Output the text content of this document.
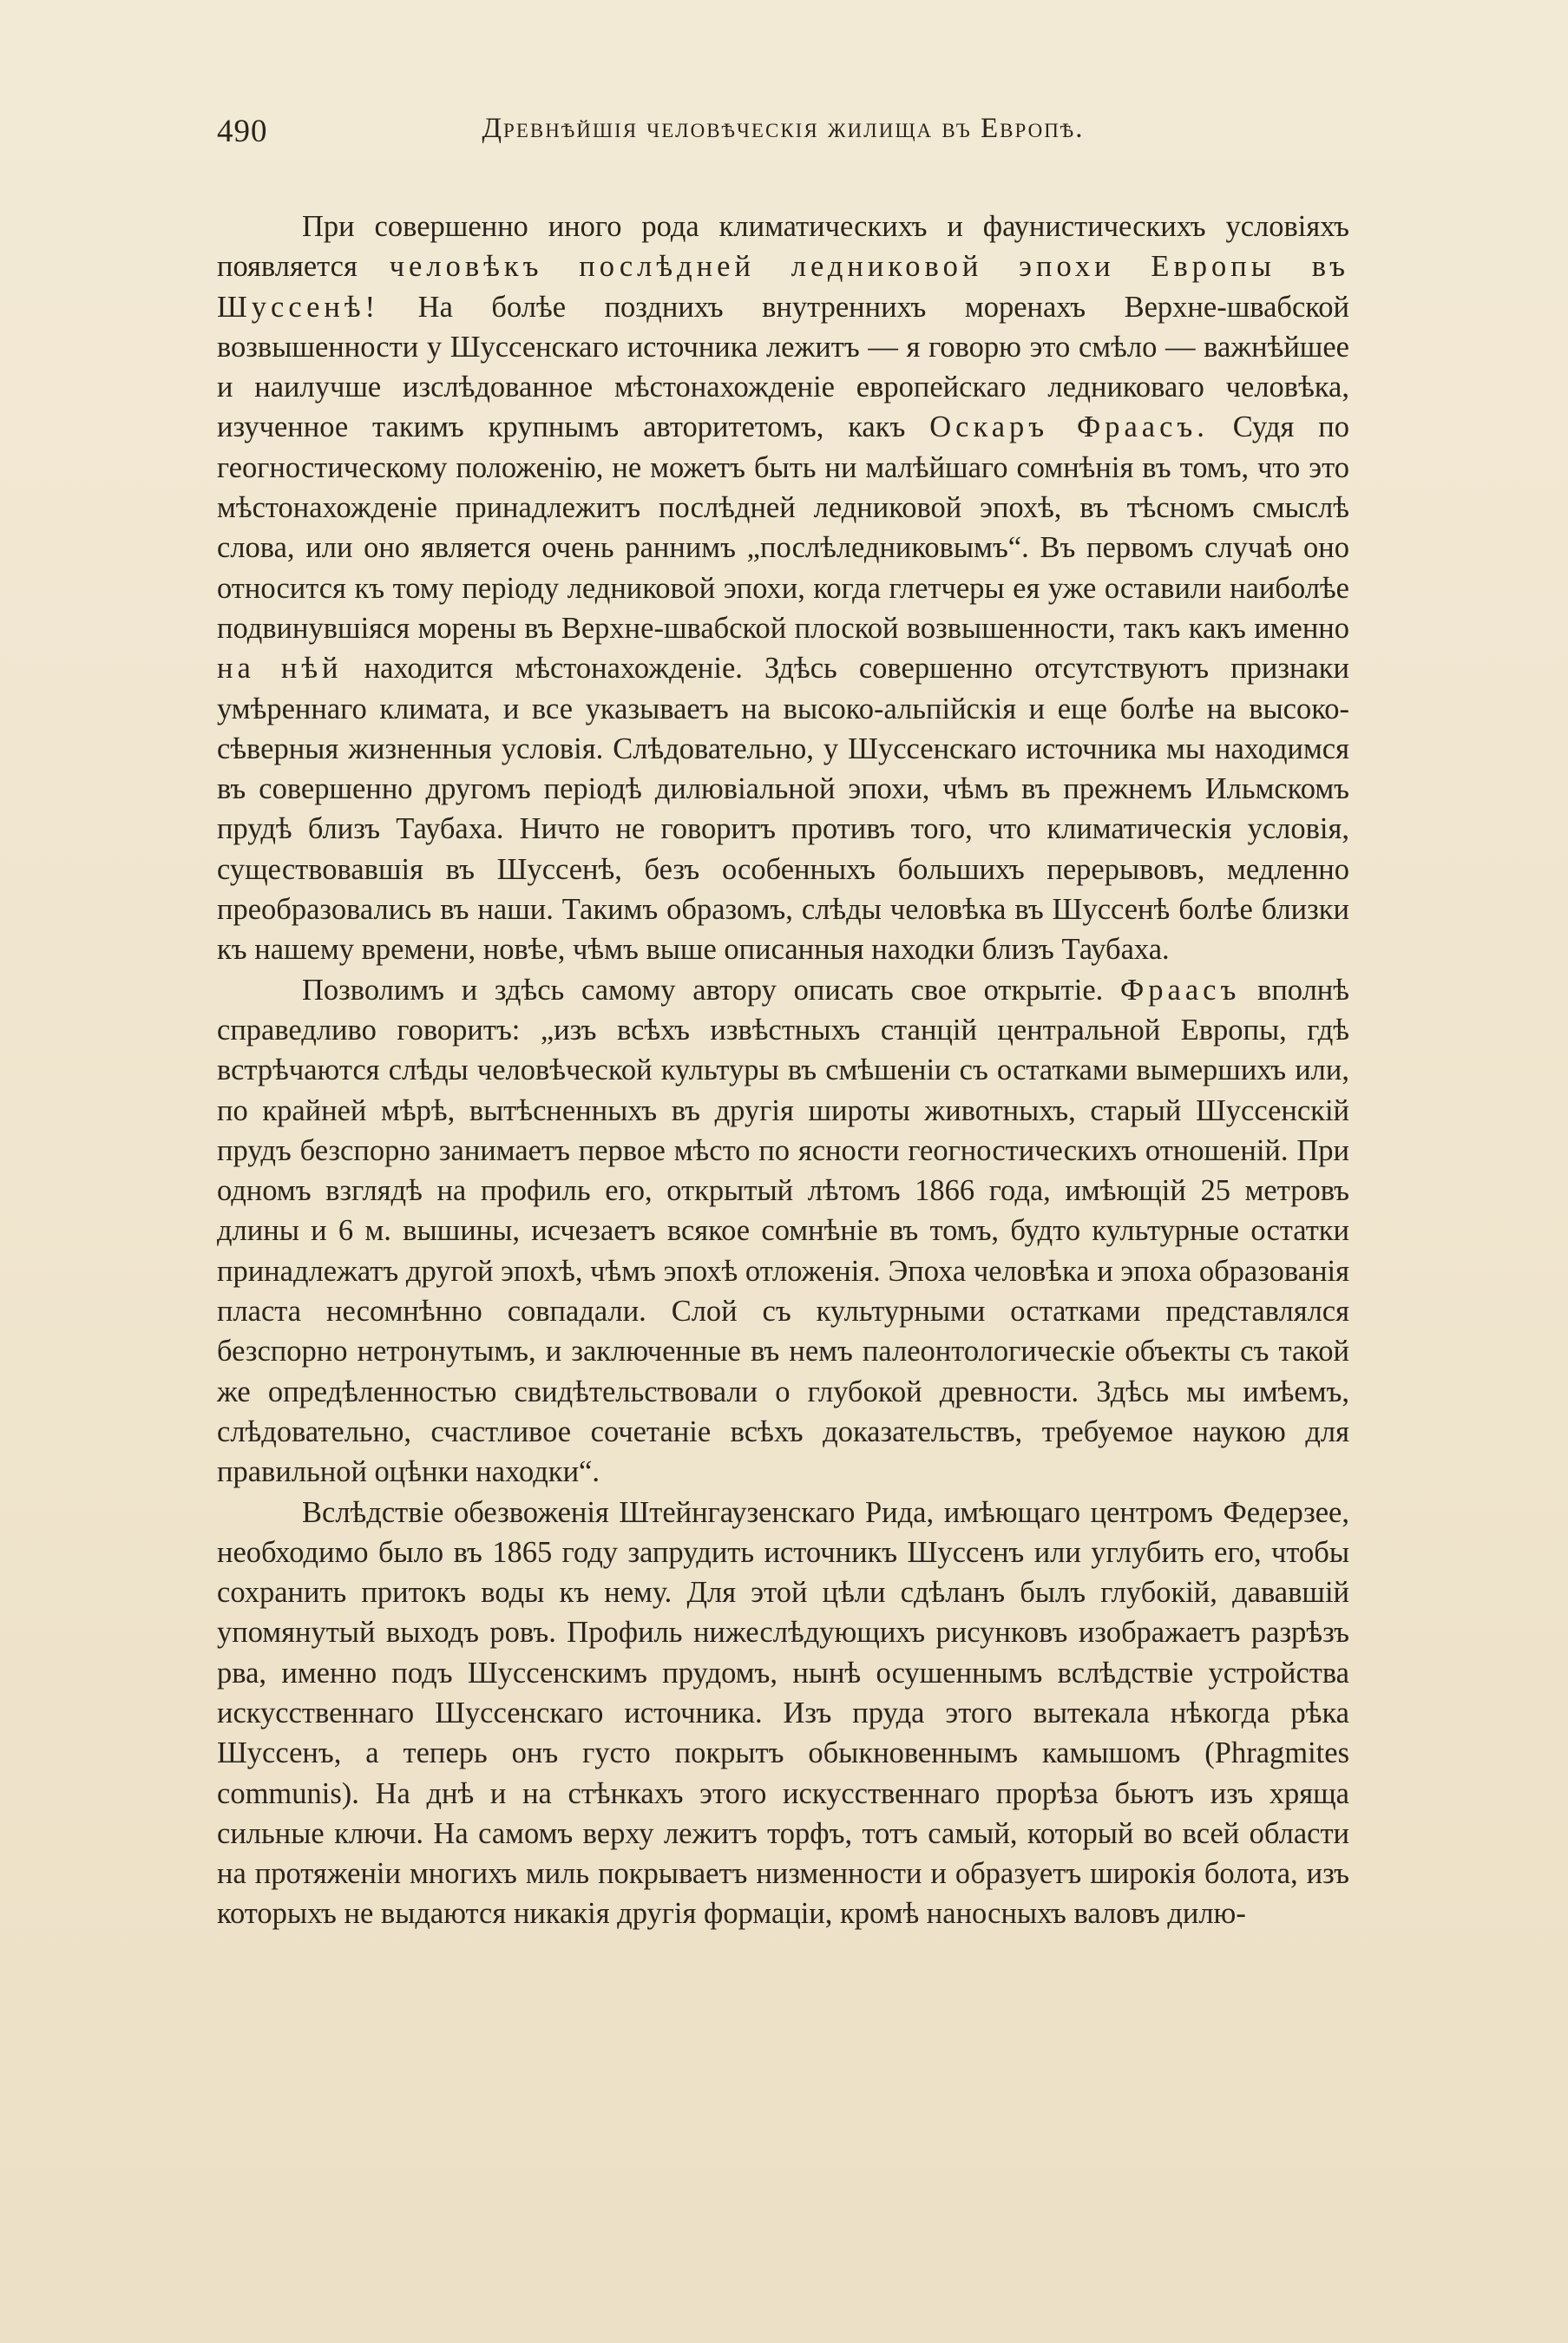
490	Древнѣйшія человѣческія жилища въ Европѣ.

При совершенно иного рода климатическихъ и фаунистическихъ условіяхъ появляется человѣкъ послѣдней ледниковой эпохи Европы въ Шуссенѣ! На болѣе позднихъ внутреннихъ моренахъ Верхне-швабской возвышенности у Шуссенскаго источника лежитъ — я говорю это смѣло — важнѣйшее и наилучше изслѣдованное мѣстонахожденіе европейскаго ледниковаго человѣка, изученное такимъ крупнымъ авторитетомъ, какъ Оскаръ Фраасъ. Судя по геогностическому положенію, не можетъ быть ни малѣйшаго сомнѣнія въ томъ, что это мѣстонахожденіе принадлежитъ послѣдней ледниковой эпохѣ, въ тѣсномъ смыслѣ слова, или оно является очень раннимъ „послѣледниковымъ“. Въ первомъ случаѣ оно относится къ тому періоду ледниковой эпохи, когда глетчеры ея уже оставили наиболѣе подвинувшіяся морены въ Верхне-швабской плоской возвышенности, такъ какъ именно на нѣй находится мѣстонахожденіе. Здѣсь совершенно отсутствуютъ признаки умѣреннаго климата, и все указываетъ на высоко-альпійскія и еще болѣе на высоко-сѣверныя жизненныя условія. Слѣдовательно, у Шуссенскаго источника мы находимся въ совершенно другомъ періодѣ дилювіальной эпохи, чѣмъ въ прежнемъ Ильмскомъ прудѣ близъ Таубаха. Ничто не говоритъ противъ того, что климатическія условія, существовавшія въ Шуссенѣ, безъ особенныхъ большихъ перерывовъ, медленно преобразовались въ наши. Такимъ образомъ, слѣды человѣка въ Шуссенѣ болѣе близки къ нашему времени, новѣе, чѣмъ выше описанныя находки близъ Таубаха.

Позволимъ и здѣсь самому автору описать свое открытіе. Фраасъ вполнѣ справедливо говоритъ: „изъ всѣхъ извѣстныхъ станцій центральной Европы, гдѣ встрѣчаются слѣды человѣческой культуры въ смѣшеніи съ остатками вымершихъ или, по крайней мѣрѣ, вытѣсненныхъ въ другія широты животныхъ, старый Шуссенскій прудъ безспорно занимаетъ первое мѣсто по ясности геогностическихъ отношеній. При одномъ взглядѣ на профиль его, открытый лѣтомъ 1866 года, имѣющій 25 метровъ длины и 6 м. вышины, исчезаетъ всякое сомнѣніе въ томъ, будто культурные остатки принадлежатъ другой эпохѣ, чѣмъ эпохѣ отложенія. Эпоха человѣка и эпоха образованія пласта несомнѣнно совпадали. Слой съ культурными остатками представлялся безспорно нетронутымъ, и заключенные въ немъ палеонтологическіе объекты съ такой же опредѣленностью свидѣтельствовали о глубокой древности. Здѣсь мы имѣемъ, слѣдовательно, счастливое сочетаніе всѣхъ доказательствъ, требуемое наукою для правильной оцѣнки находки“.

Вслѣдствіе обезвоженія Штейнгаузенскаго Рида, имѣющаго центромъ Федерзее, необходимо было въ 1865 году запрудить источникъ Шуссенъ или углубить его, чтобы сохранить притокъ воды къ нему. Для этой цѣли сдѣланъ былъ глубокій, дававшій упомянутый выходъ ровъ. Профиль нижеслѣдующихъ рисунковъ изображаетъ разрѣзъ рва, именно подъ Шуссенскимъ прудомъ, нынѣ осушеннымъ вслѣдствіе устройства искусственнаго Шуссенскаго источника. Изъ пруда этого вытекала нѣкогда рѣка Шуссенъ, а теперь онъ густо покрытъ обыкновеннымъ камышомъ (Phragmites communis). На днѣ и на стѣнкахъ этого искусственнаго прорѣза бьютъ изъ хряща сильные ключи. На самомъ верху лежитъ торфъ, тотъ самый, который во всей области на протяженіи многихъ миль покрываетъ низменности и образуетъ широкія болота, изъ которыхъ не выдаются никакія другія формаціи, кромѣ наносныхъ валовъ дилю-
